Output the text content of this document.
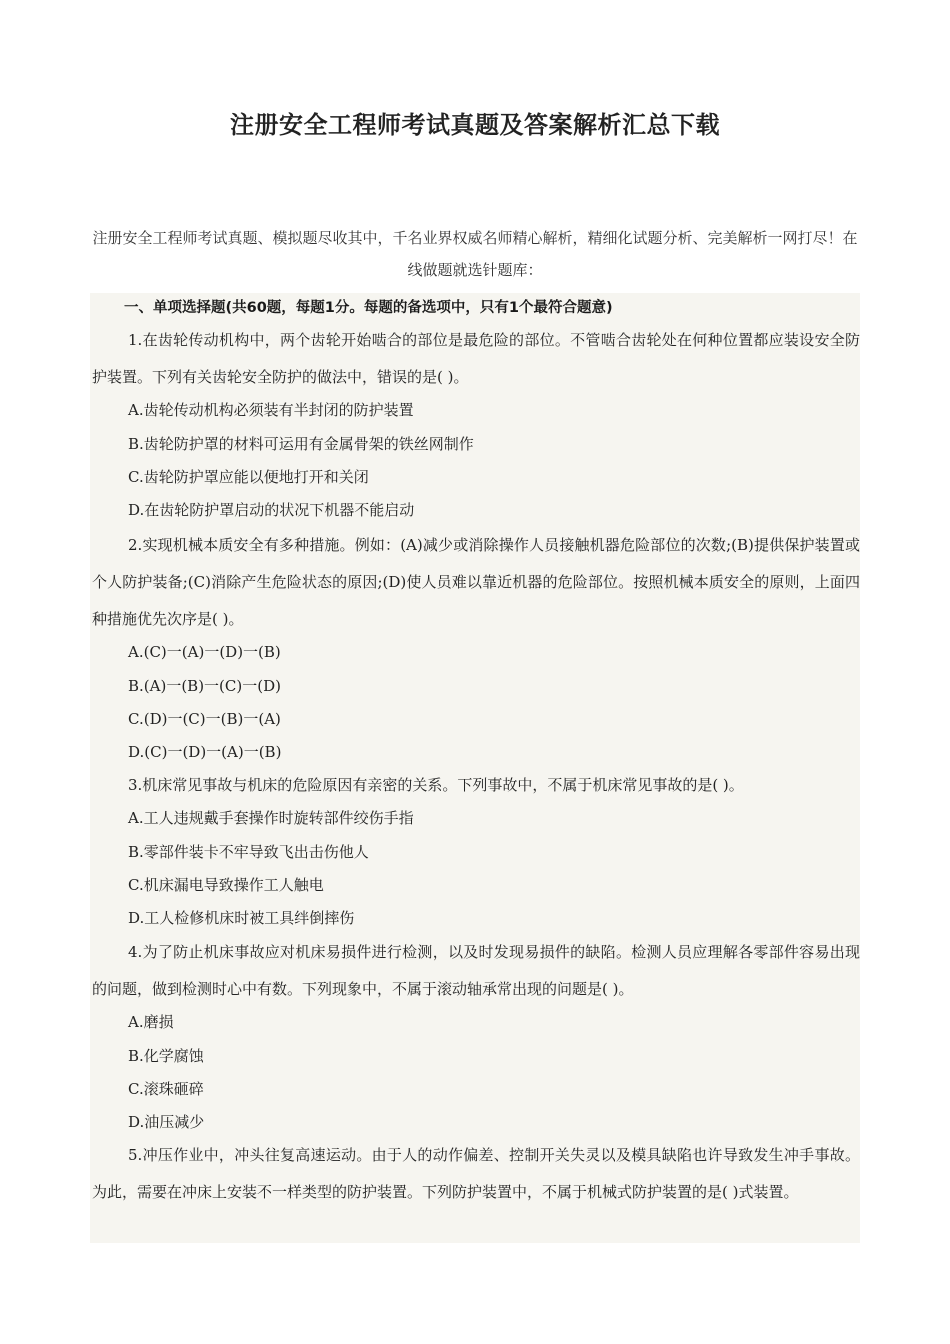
注册安全工程师考试真题及答案解析汇总下载
注册安全工程师考试真题、模拟题尽收其中，千名业界权威名师精心解析，精细化试题分析、完美解析一网打尽！在线做题就选针题库：
一、单项选择题(共60题，每题1分。每题的备选项中，只有1个最符合题意)
1.在齿轮传动机构中，两个齿轮开始啮合的部位是最危险的部位。不管啮合齿轮处在何种位置都应装设安全防护装置。下列有关齿轮安全防护的做法中，错误的是( )。
A.齿轮传动机构必须装有半封闭的防护装置
B.齿轮防护罩的材料可运用有金属骨架的铁丝网制作
C.齿轮防护罩应能以便地打开和关闭
D.在齿轮防护罩启动的状况下机器不能启动
2.实现机械本质安全有多种措施。例如：(A)减少或消除操作人员接触机器危险部位的次数;(B)提供保护装置或个人防护装备;(C)消除产生危险状态的原因;(D)使人员难以靠近机器的危险部位。按照机械本质安全的原则，上面四种措施优先次序是( )。
A.(C)一(A)一(D)一(B)
B.(A)一(B)一(C)一(D)
C.(D)一(C)一(B)一(A)
D.(C)一(D)一(A)一(B)
3.机床常见事故与机床的危险原因有亲密的关系。下列事故中，不属于机床常见事故的是( )。
A.工人违规戴手套操作时旋转部件绞伤手指
B.零部件装卡不牢导致飞出击伤他人
C.机床漏电导致操作工人触电
D.工人检修机床时被工具绊倒摔伤
4.为了防止机床事故应对机床易损件进行检测，以及时发现易损件的缺陷。检测人员应理解各零部件容易出现的问题，做到检测时心中有数。下列现象中，不属于滚动轴承常出现的问题是( )。
A.磨损
B.化学腐蚀
C.滚珠砸碎
D.油压减少
5.冲压作业中，冲头往复高速运动。由于人的动作偏差、控制开关失灵以及模具缺陷也许导致发生冲手事故。为此，需要在冲床上安装不一样类型的防护装置。下列防护装置中，不属于机械式防护装置的是( )式装置。
